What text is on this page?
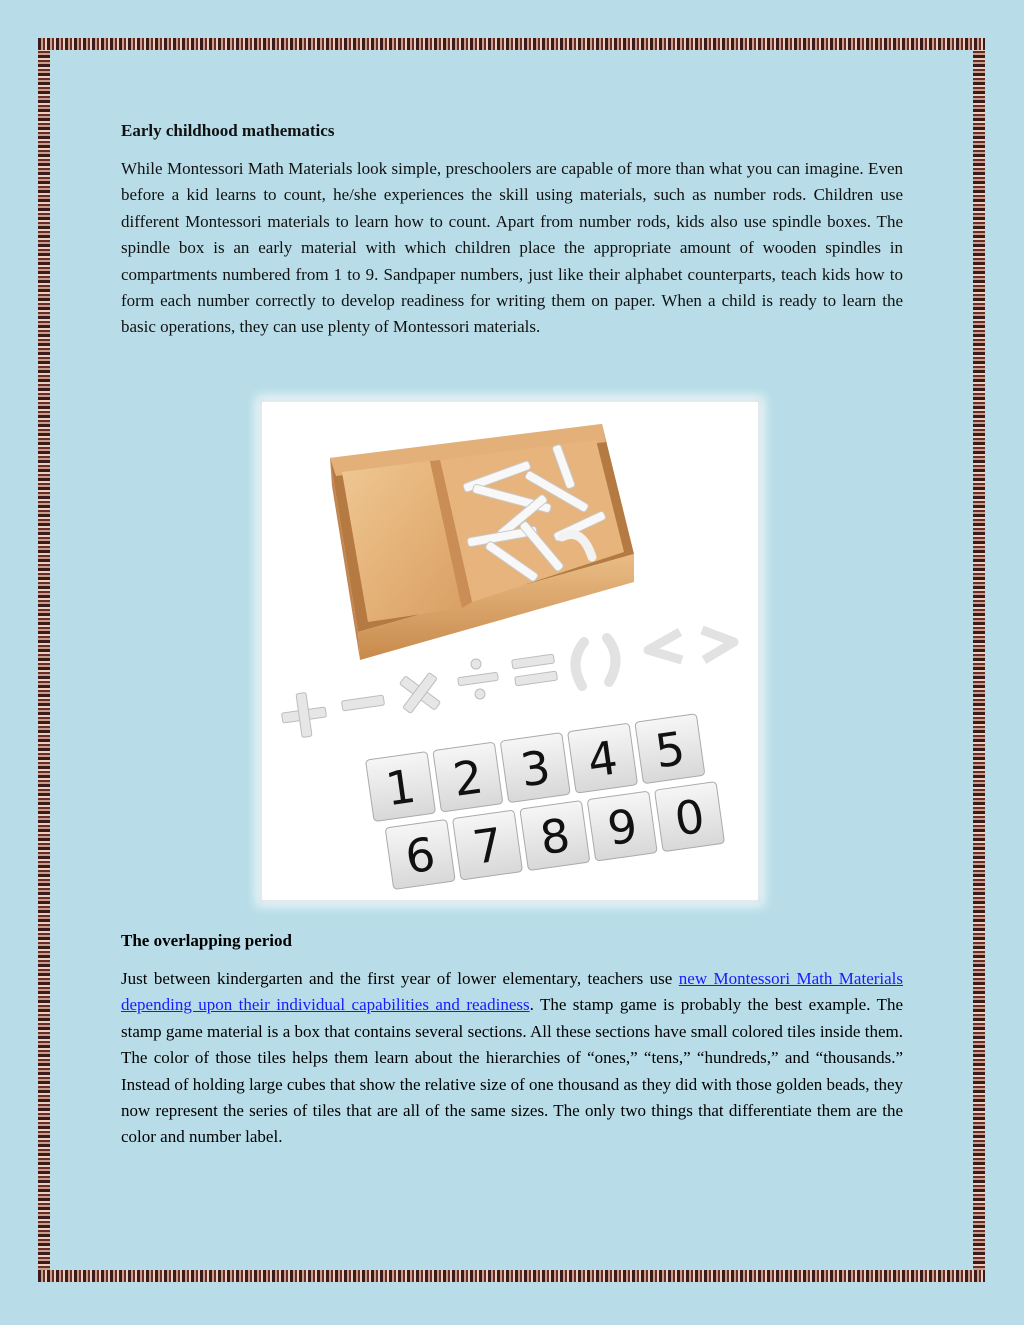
Early childhood mathematics

While Montessori Math Materials look simple, preschoolers are capable of more than what you can imagine. Even before a kid learns to count, he/she experiences the skill using materials, such as number rods. Children use different Montessori materials to learn how to count. Apart from number rods, kids also use spindle boxes. The spindle box is an early material with which children place the appropriate amount of wooden spindles in compartments numbered from 1 to 9. Sandpaper numbers, just like their alphabet counterparts, teach kids how to form each number correctly to develop readiness for writing them on paper. When a child is ready to learn the basic operations, they can use plenty of Montessori materials.

1 2 3 4 5
6 7 8 9 0
The overlapping period

Just between kindergarten and the first year of lower elementary, teachers use new Montessori Math Materials depending upon their individual capabilities and readiness. The stamp game is probably the best example. The stamp game material is a box that contains several sections. All these sections have small colored tiles inside them. The color of those tiles helps them learn about the hierarchies of “ones,” “tens,” “hundreds,” and “thousands.” Instead of holding large cubes that show the relative size of one thousand as they did with those golden beads, they now represent the series of tiles that are all of the same sizes. The only two things that differentiate them are the color and number label.
